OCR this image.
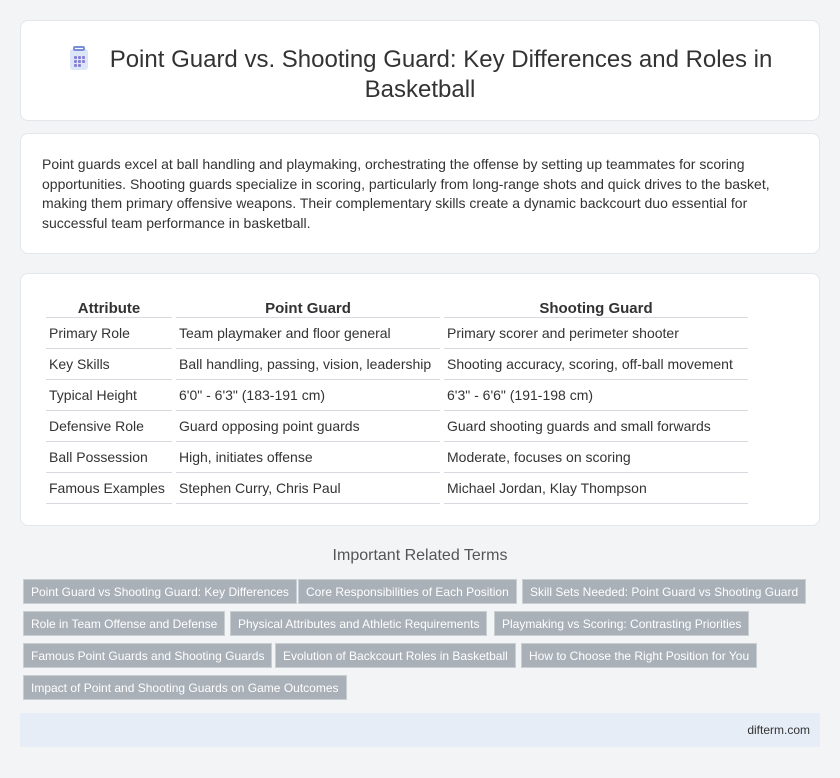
Point Guard vs. Shooting Guard: Key Differences and Roles in Basketball

Point guards excel at ball handling and playmaking, orchestrating the offense by setting up teammates for scoring opportunities. Shooting guards specialize in scoring, particularly from long-range shots and quick drives to the basket, making them primary offensive weapons. Their complementary skills create a dynamic backcourt duo essential for successful team performance in basketball.

Attribute	Point Guard	Shooting Guard
Primary Role	Team playmaker and floor general	Primary scorer and perimeter shooter
Key Skills	Ball handling, passing, vision, leadership	Shooting accuracy, scoring, off-ball movement
Typical Height	6'0" - 6'3" (183-191 cm)	6'3" - 6'6" (191-198 cm)
Defensive Role	Guard opposing point guards	Guard shooting guards and small forwards
Ball Possession	High, initiates offense	Moderate, focuses on scoring
Famous Examples	Stephen Curry, Chris Paul	Michael Jordan, Klay Thompson
Important Related Terms
Point Guard vs Shooting Guard: Key Differences	Core Responsibilities of Each Position	Skill Sets Needed: Point Guard vs Shooting Guard
Role in Team Offense and Defense	Physical Attributes and Athletic Requirements	Playmaking vs Scoring: Contrasting Priorities
Famous Point Guards and Shooting Guards	Evolution of Backcourt Roles in Basketball	How to Choose the Right Position for You
Impact of Point and Shooting Guards on Game Outcomes
difterm.com
